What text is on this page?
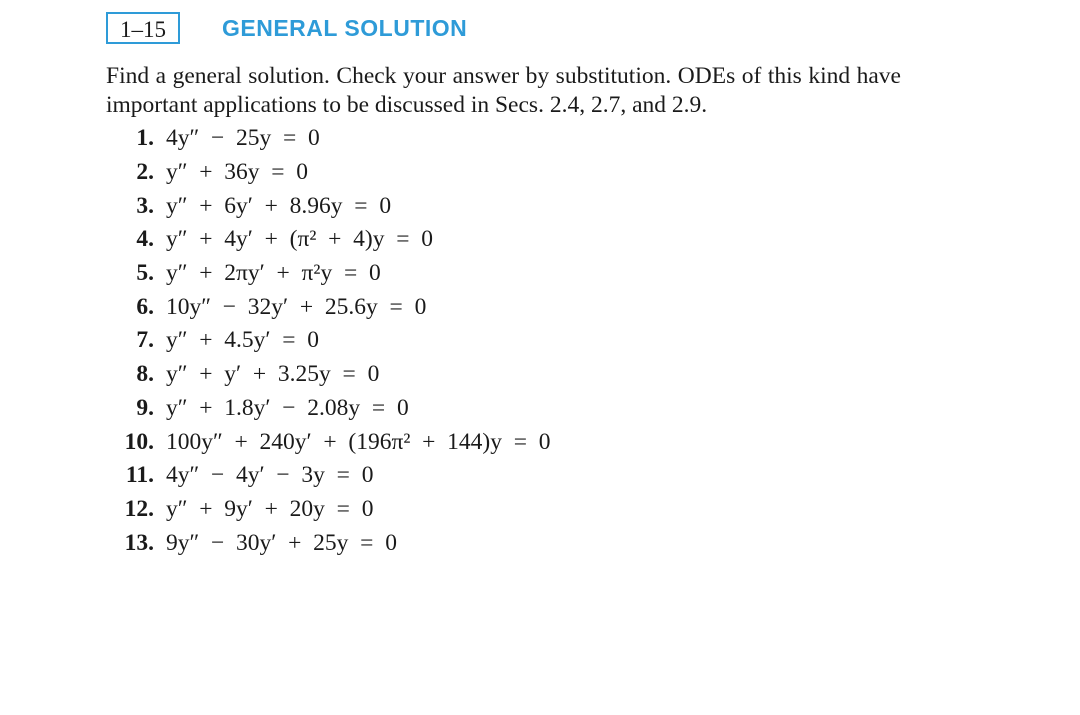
1–15	GENERAL SOLUTION
Find a general solution. Check your answer by substitution. ODEs of this kind have important applications to be discussed in Secs. 2.4, 2.7, and 2.9.
1. 4y″  −  25y  =  0
2. y″  +  36y  =  0
3. y″  +  6y′  +  8.96y  =  0
4. y″  +  4y′  +  (π²  +  4)y  =  0
5. y″  +  2πy′  +  π²y  =  0
6. 10y″  −  32y′  +  25.6y  =  0
7. y″  +  4.5y′  =  0
8. y″  +  y′  +  3.25y  =  0
9. y″  +  1.8y′  −  2.08y  =  0
10. 100y″  +  240y′  +  (196π²  +  144)y  =  0
11. 4y″  −  4y′  −  3y  =  0
12. y″  +  9y′  +  20y  =  0
13. 9y″  −  30y′  +  25y  =  0
